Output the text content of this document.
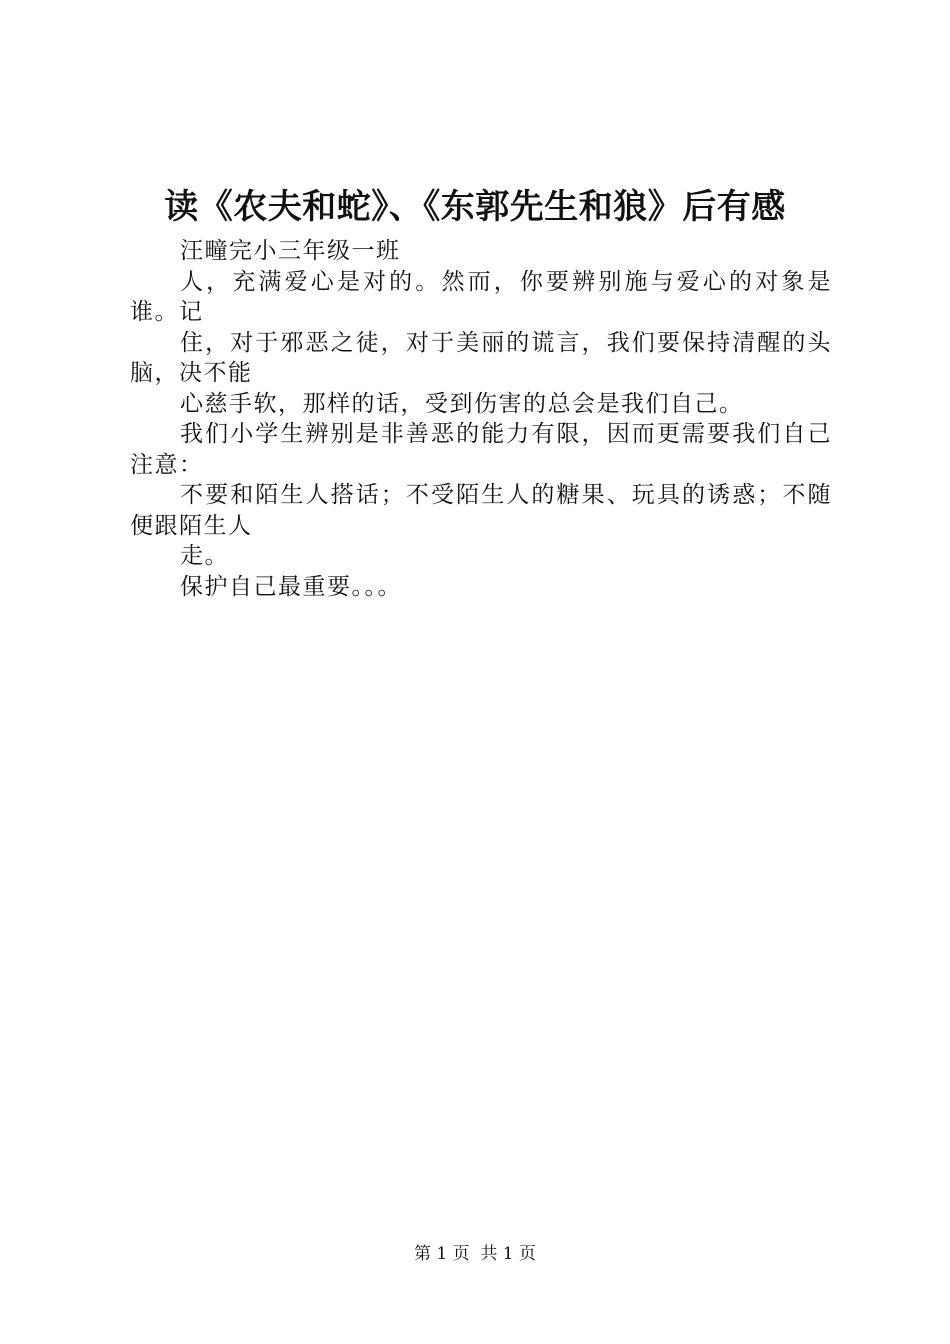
读《农夫和蛇》、《东郭先生和狼》后有感

汪疃完小三年级一班

人，充满爱心是对的。然而，你要辨别施与爱心的对象是谁。记

住，对于邪恶之徒，对于美丽的谎言，我们要保持清醒的头脑，决不能

心慈手软，那样的话，受到伤害的总会是我们自己。

我们小学生辨别是非善恶的能力有限，因而更需要我们自己注意：

不要和陌生人搭话；不受陌生人的糖果、玩具的诱惑；不随便跟陌生人

走。

保护自己最重要。。。

第 1 页  共 1 页
